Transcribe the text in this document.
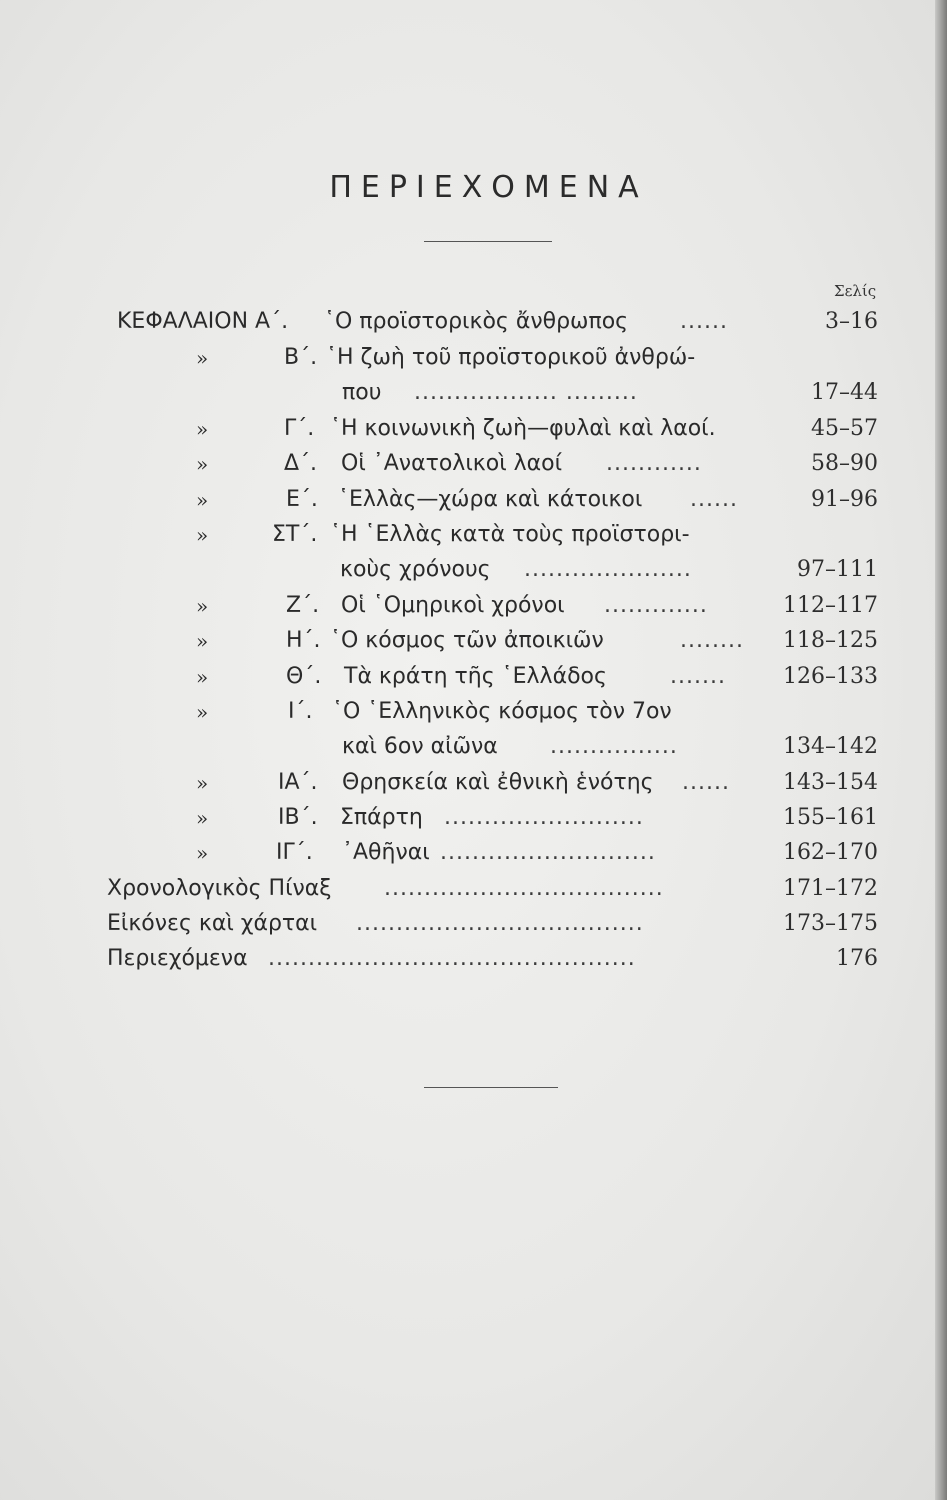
ΠΕΡΙΕΧΟΜΕΝΑ
Σελίς
ΚΕΦΑΛΑΙΟΝ Α΄. ῾Ο προϊστορικὸς ἄνθρωπος ......	3–16
»	Β΄. ῾Η ζωὴ τοῦ προϊστορικοῦ ἀνθρώ-
που .................. .........	17–44
»	Γ΄. ῾Η κοινωνικὴ ζωὴ—φυλαὶ καὶ λαοί.	45–57
»	Δ΄. Οἱ ᾿Ανατολικοὶ λαοί ............	58–90
»	Ε΄. ῾Ελλὰς—χώρα καὶ κάτοικοι ......	91–96
»	ΣΤ΄. ῾Η ῾Ελλὰς κατὰ τοὺς προϊστορι-
κοὺς χρόνους .....................	97–111
»	Ζ΄. Οἱ ῾Ομηρικοὶ χρόνοι .............	112–117
»	Η΄. ῾Ο κόσμος τῶν ἀποικιῶν	........	118–125
»	Θ΄. Τὰ κράτη τῆς ῾Ελλάδος	.......	126–133
»	Ι΄. ῾Ο ῾Ελληνικὸς κόσμος τὸν 7ον
καὶ 6ον αἰῶνα ................	134–142
»	ΙΑ΄. Θρησκεία καὶ ἐθνικὴ ἑνότης ......	143–154
»	ΙΒ΄. Σπάρτη .........................	155–161
»	ΙΓ΄. ᾿Αθῆναι ...........................	162–170
Χρονολογικὸς Πίναξ ...................................	171–172
Εἰκόνες καὶ χάρται ....................................	173–175
Περιεχόμενα ..............................................	176
